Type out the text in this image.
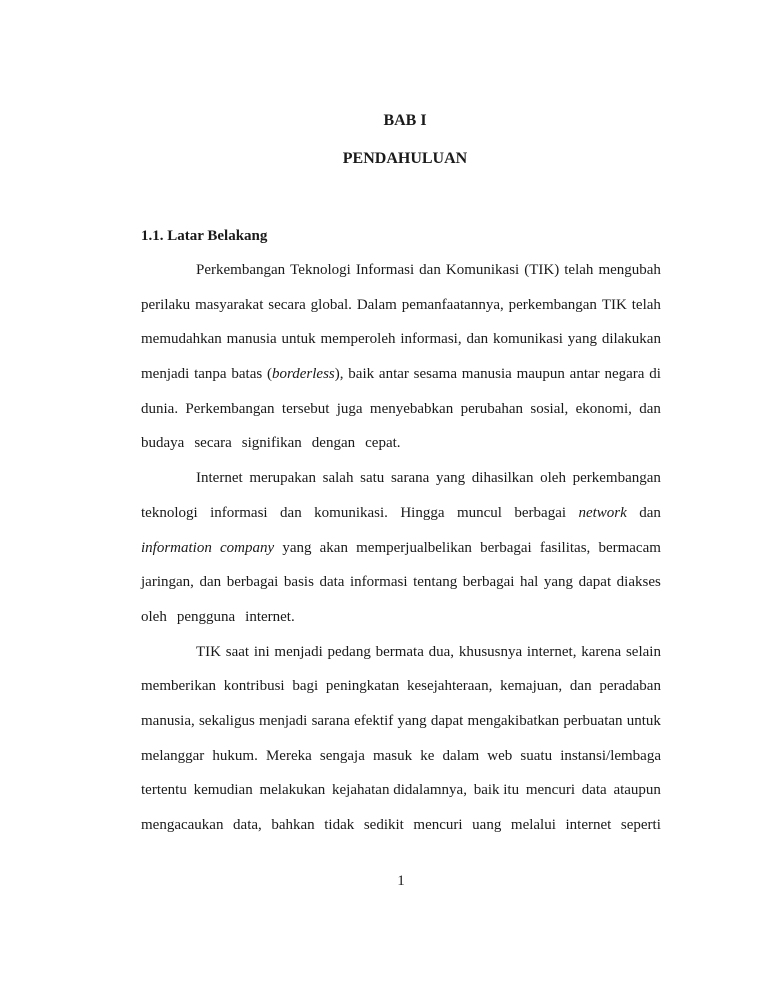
BAB I
PENDAHULUAN
1.1. Latar Belakang
Perkembangan Teknologi Informasi dan Komunikasi (TIK) telah mengubah
perilaku masyarakat secara global. Dalam pemanfaatannya, perkembangan TIK telah
memudahkan manusia untuk memperoleh informasi, dan komunikasi yang dilakukan
menjadi tanpa batas (borderless), baik antar sesama manusia maupun antar negara di
dunia. Perkembangan tersebut juga menyebabkan perubahan sosial, ekonomi, dan
budaya secara signifikan dengan cepat.
Internet merupakan salah satu sarana yang dihasilkan oleh perkembangan
teknologi informasi dan komunikasi. Hingga muncul berbagai network dan
information company yang akan memperjualbelikan berbagai fasilitas, bermacam
jaringan, dan berbagai basis data informasi tentang berbagai hal yang dapat diakses
oleh pengguna internet.
TIK saat ini menjadi pedang bermata dua, khususnya internet, karena selain
memberikan kontribusi bagi peningkatan kesejahteraan, kemajuan, dan peradaban
manusia, sekaligus menjadi sarana efektif yang dapat mengakibatkan perbuatan untuk
melanggar hukum. Mereka sengaja masuk ke dalam web suatu instansi/lembaga
tertentu kemudian melakukan kejahatan didalamnya, baik itu mencuri data ataupun
mengacaukan data, bahkan tidak sedikit mencuri uang melalui internet seperti
1
